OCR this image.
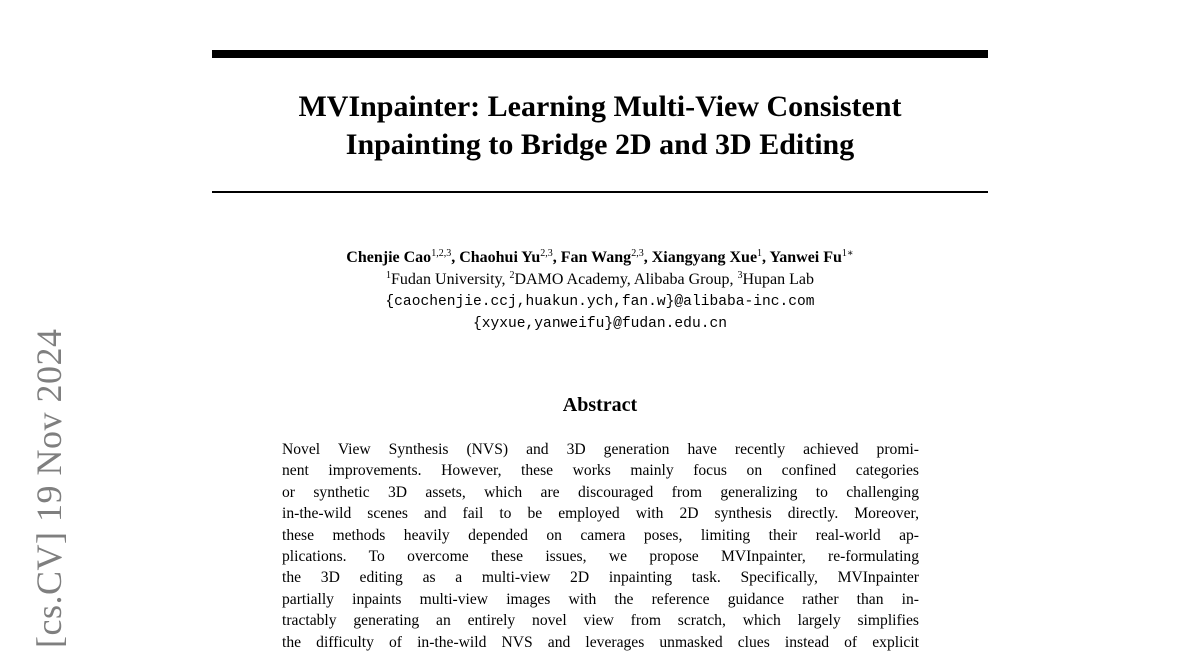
MVInpainter: Learning Multi-View Consistent
Inpainting to Bridge 2D and 3D Editing
Chenjie Cao$^{1,2,3}$, Chaohui Yu$^{2,3}$, Fan Wang$^{2,3}$, Xiangyang Xue$^1$, Yanwei $Fu^{1∗}$
$^1$Fudan University, $^2$DAMO Academy, Alibaba Group, $^3$Hupan Lab
{caochenjie.ccj,huakun.ych,fan.w}@alibaba-inc.com
{xyxue,yanweifu}@fudan.edu.cn
Abstract
Novel View Synthesis (NVS) and 3D generation have recently achieved promi-
nent improvements. However, these works mainly focus on confined categories
or synthetic 3D assets, which are discouraged from generalizing to challenging
in-the-wild scenes and fail to be employed with 2D synthesis directly. Moreover,
these methods heavily depended on camera poses, limiting their real-world ap-
plications. To overcome these issues, we propose MVInpainter, re-formulating
the 3D editing as a multi-view 2D inpainting task. Specifically, MVInpainter
partially inpaints multi-view images with the reference guidance rather than in-
tractably generating an entirely novel view from scratch, which largely simplifies
the difficulty of in-the-wild NVS and leverages unmasked clues instead of explicit
[cs.CV] 19 Nov 2024
